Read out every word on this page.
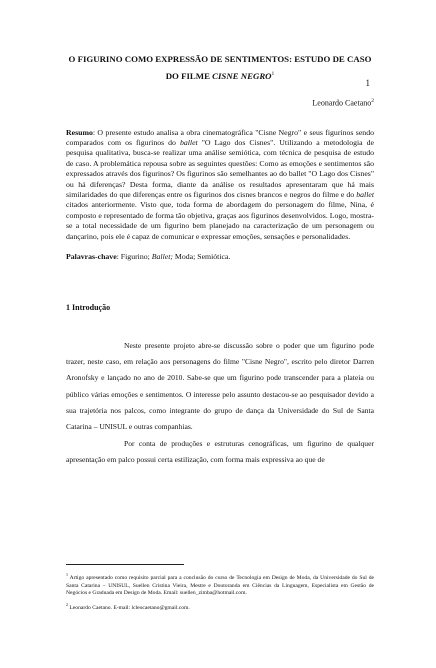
1
O FIGURINO COMO EXPRESSÃO DE SENTIMENTOS: ESTUDO DE CASO
DO FILME CISNE NEGRO$^1$
Leonardo Caetano$^2$
Resumo: O presente estudo analisa a obra cinematográfica "Cisne Negro" e seus figurinos sendo comparados com os figurinos do ballet "O Lago dos Cisnes". Utilizando a metodologia de pesquisa qualitativa, busca-se realizar uma análise semiótica, com técnica de pesquisa de estudo de caso. A problemática repousa sobre as seguintes questões: Como as emoções e sentimentos são expressados através dos figurinos? Os figurinos são semelhantes ao do ballet "O Lago dos Cisnes" ou há diferenças? Desta forma, diante da análise os resultados apresentaram que há mais similaridades do que diferenças entre os figurinos dos cisnes brancos e negros do filme e do ballet citados anteriormente. Visto que, toda forma de abordagem do personagem do filme, Nina, é composto e representado de forma tão objetiva, graças aos figurinos desenvolvidos. Logo, mostra-se a total necessidade de um figurino bem planejado na caracterização de um personagem ou dançarino, pois ele é capaz de comunicar e expressar emoções, sensações e personalidades.
Palavras-chave: Figurino; Ballet; Moda; Semiótica.
1 Introdução

Neste presente projeto abre-se discussão sobre o poder que um figurino pode trazer, neste caso, em relação aos personagens do filme "Cisne Negro", escrito pelo diretor Darren Aronofsky e lançado no ano de 2010. Sabe-se que um figurino pode transcender para a plateia ou público várias emoções e sentimentos. O interesse pelo assunto destacou-se ao pesquisador devido a sua trajetória nos palcos, como integrante do grupo de dança da Universidade do Sul de Santa Catarina – UNISUL e outras companhias.

Por conta de produções e estruturas cenográficas, um figurino de qualquer apresentação em palco possui certa estilização, com forma mais expressiva ao que de

$^1$ Artigo apresentado como requisito parcial para a conclusão do curso de Tecnologia em Design de Moda, da Universidade do Sul de Santa Catarina – UNISUL, Suellen Cristina Vieira, Mestre e Doutoranda em Ciências da Linguagem, Especialista em Gestão de Negócios e Graduada em Design de Moda. Email: suellen_zimba@hotmail.com.
$^2$ Leonardo Caetano. E-mail: lcleocaetano@gmail.com.
